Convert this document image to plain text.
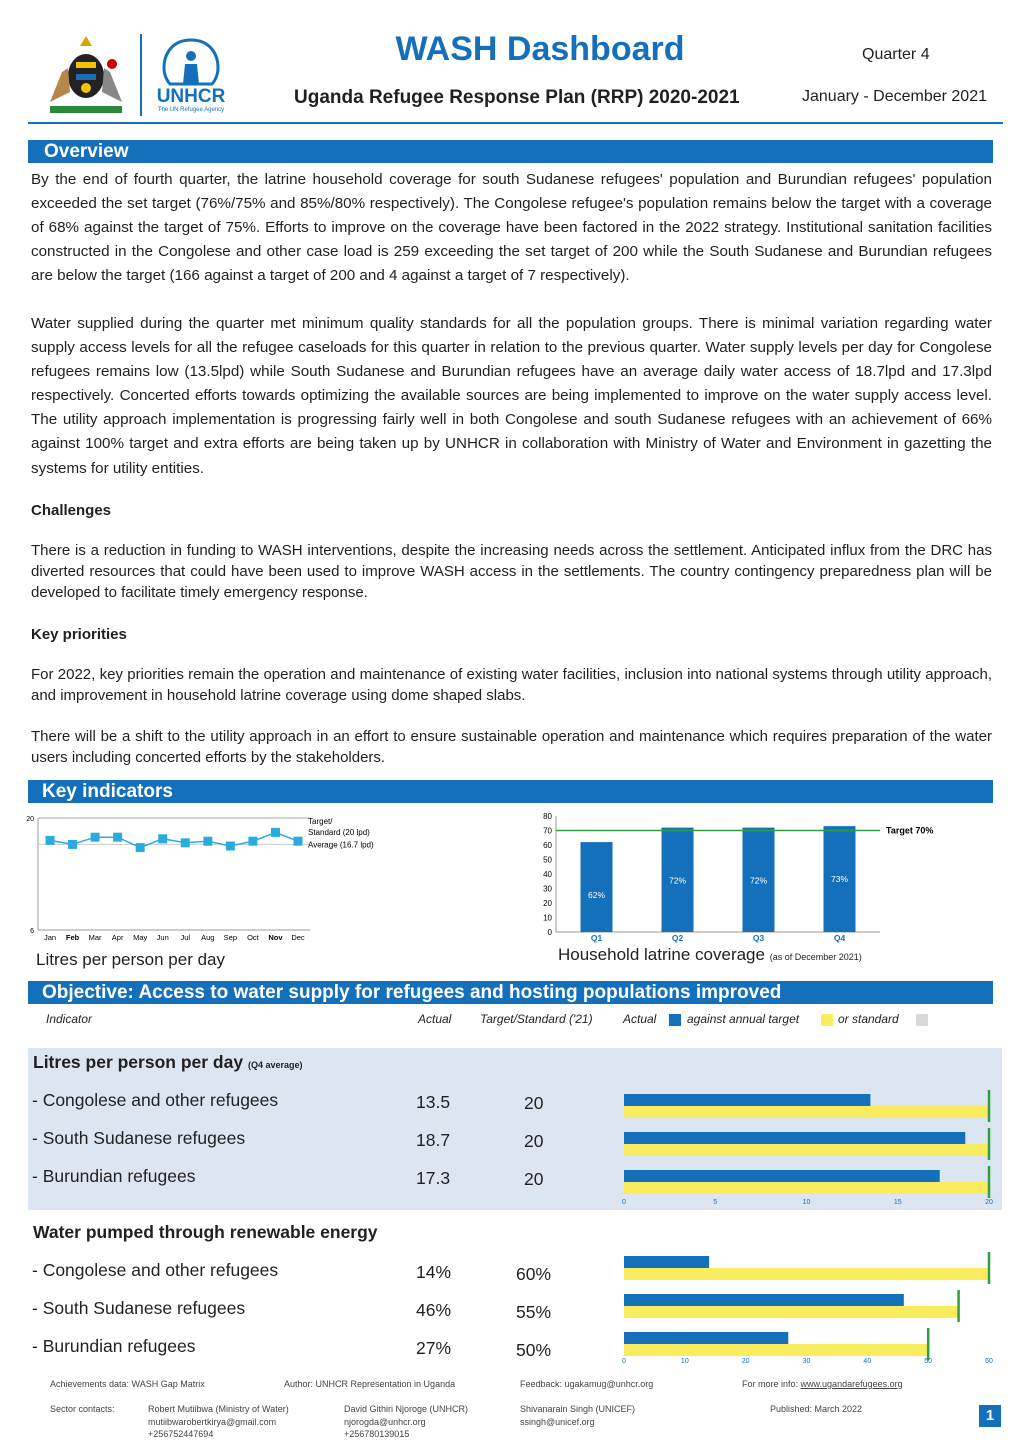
UNHCR
The UN Refugee Agency
WASH Dashboard
Uganda Refugee Response Plan (RRP) 2020-2021
Quarter 4
January - December 2021
Overview
By the end of fourth quarter, the latrine household coverage for south Sudanese refugees' population and Burundian refugees' population exceeded the set target (76%/75% and 85%/80% respectively). The Congolese refugee's population remains below the target with a coverage of 68% against the target of 75%. Efforts to improve on the coverage have been factored in the 2022 strategy. Institutional sanitation facilities constructed in the Congolese and other case load is 259 exceeding the set target of 200 while the South Sudanese and Burundian refugees are below the target (166 against a target of 200 and 4 against a target of 7 respectively).
Water supplied during the quarter met minimum quality standards for all the population groups. There is minimal variation regarding water supply access levels for all the refugee caseloads for this quarter in relation to the previous quarter. Water supply levels per day for Congolese refugees remains low (13.5lpd) while South Sudanese and Burundian refugees have an average daily water access of 18.7lpd and 17.3lpd respectively. Concerted efforts towards optimizing the available sources are being implemented to improve on the water supply access level. The utility approach implementation is progressing fairly well in both Congolese and south Sudanese refugees with an achievement of 66% against 100% target and extra efforts are being taken up by UNHCR in collaboration with Ministry of Water and Environment in gazetting the systems for utility entities.
Challenges
There is a reduction in funding to WASH interventions, despite the increasing needs across the settlement. Anticipated influx from the DRC has diverted resources that could have been used to improve WASH access in the settlements. The country contingency preparedness plan will be developed to facilitate timely emergency response.
Key priorities
For 2022, key priorities remain the operation and maintenance of existing water facilities, inclusion into national systems through utility approach, and improvement in household latrine coverage using dome shaped slabs.
There will be a shift to the utility approach in an effort to ensure sustainable operation and maintenance which requires preparation of the water users including concerted efforts by the stakeholders.
Key indicators
20
6
Jan Feb Mar Apr May Jun Jul Aug Sep Oct Nov Dec
Target/
Standard (20 lpd)
Average (16.7 lpd)
Litres per person per day
0
10
20
30
40
50
60
70
80
62%
Q1
72%
Q2
72%
Q3
73%
Q4
Target 70%
Household latrine coverage (as of December 2021)
Objective: Access to water supply for refugees and hosting populations improved
Indicator	Actual Target/Standard ('21)	Actual	against annual target	or standard
Litres per person per day (Q4 average)
- Congolese and other refugees	13.5	20
- South Sudanese refugees	18.7	20
- Burundian refugees	17.3	20
0	5	10	15	20
Water pumped through renewable energy
- Congolese and other refugees	14%	60%
- South Sudanese refugees	46%	55%
- Burundian refugees	27%	50%
0	10	20	30	40	50	60
Achievements data: WASH Gap Matrix	Author: UNHCR Representation in Uganda	Feedback: ugakamug@unhcr.org	For more info: www.ugandarefugees.org
Sector contacts:	Robert Mutiibwa (Ministry of Water)
mutiibwarobertkirya@gmail.com
+256752447694
David Githiri Njoroge (UNHCR)
njorogda@unhcr.org
+256780139015
Shivanarain Singh (UNICEF)
ssingh@unicef.org
Published: March 2022	1
